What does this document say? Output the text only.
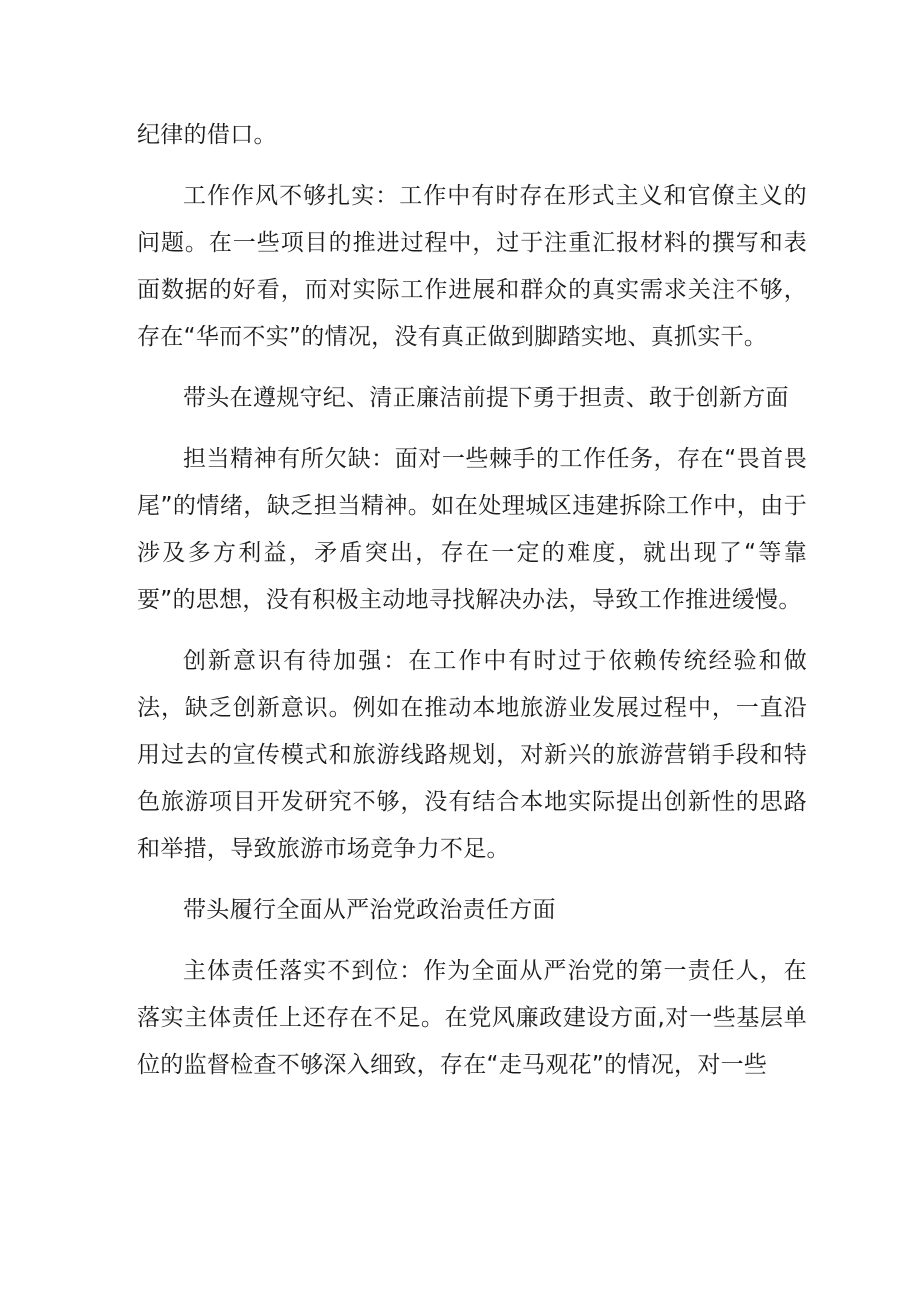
纪律的借口。

工作作风不够扎实：工作中有时存在形式主义和官僚主义的问题。在一些项目的推进过程中，过于注重汇报材料的撰写和表面数据的好看，而对实际工作进展和群众的真实需求关注不够，存在“华而不实”的情况，没有真正做到脚踏实地、真抓实干。

带头在遵规守纪、清正廉洁前提下勇于担责、敢于创新方面

担当精神有所欠缺：面对一些棘手的工作任务，存在“畏首畏尾”的情绪，缺乏担当精神。如在处理城区违建拆除工作中，由于涉及多方利益，矛盾突出，存在一定的难度，就出现了“等靠要”的思想，没有积极主动地寻找解决办法，导致工作推进缓慢。

创新意识有待加强：在工作中有时过于依赖传统经验和做法，缺乏创新意识。例如在推动本地旅游业发展过程中，一直沿用过去的宣传模式和旅游线路规划，对新兴的旅游营销手段和特色旅游项目开发研究不够，没有结合本地实际提出创新性的思路和举措，导致旅游市场竞争力不足。

带头履行全面从严治党政治责任方面

主体责任落实不到位：作为全面从严治党的第一责任人，在落实主体责任上还存在不足。在党风廉政建设方面,对一些基层单位的监督检查不够深入细致，存在“走马观花”的情况，对一些
